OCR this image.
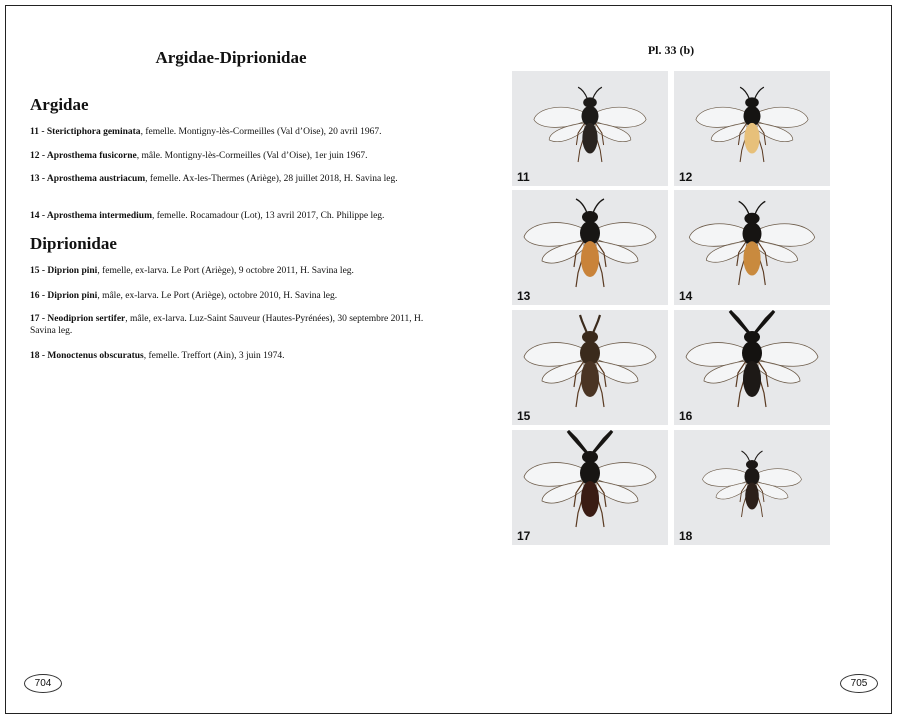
Argidae-Diprionidae
Argidae
11 - Sterictiphora geminata, femelle. Montigny-lès-Cormeilles (Val d’Oise), 20 avril 1967.
12 - Aprosthema fusicorne, mâle. Montigny-lès-Cormeilles (Val d’Oise), 1er juin 1967.
13 - Aprosthema austriacum, femelle. Ax-les-Thermes (Ariège), 28 juillet 2018, H. Savina leg.
14 - Aprosthema intermedium, femelle. Rocamadour (Lot), 13 avril 2017, Ch. Philippe leg.
Diprionidae
15 - Diprion pini, femelle, ex-larva. Le Port (Ariège), 9 octobre 2011, H. Savina leg.
16 - Diprion pini, mâle, ex-larva. Le Port (Ariège), octobre 2010, H. Savina leg.
17 - Neodiprion sertifer, mâle, ex-larva. Luz-Saint Sauveur (Hautes-Pyrénées), 30 septembre 2011, H. Savina leg.
18 - Monoctenus obscuratus, femelle. Treffort (Ain), 3 juin 1974.
704
Pl. 33 (b)
11	12
13	14
15	16
17	18
705
